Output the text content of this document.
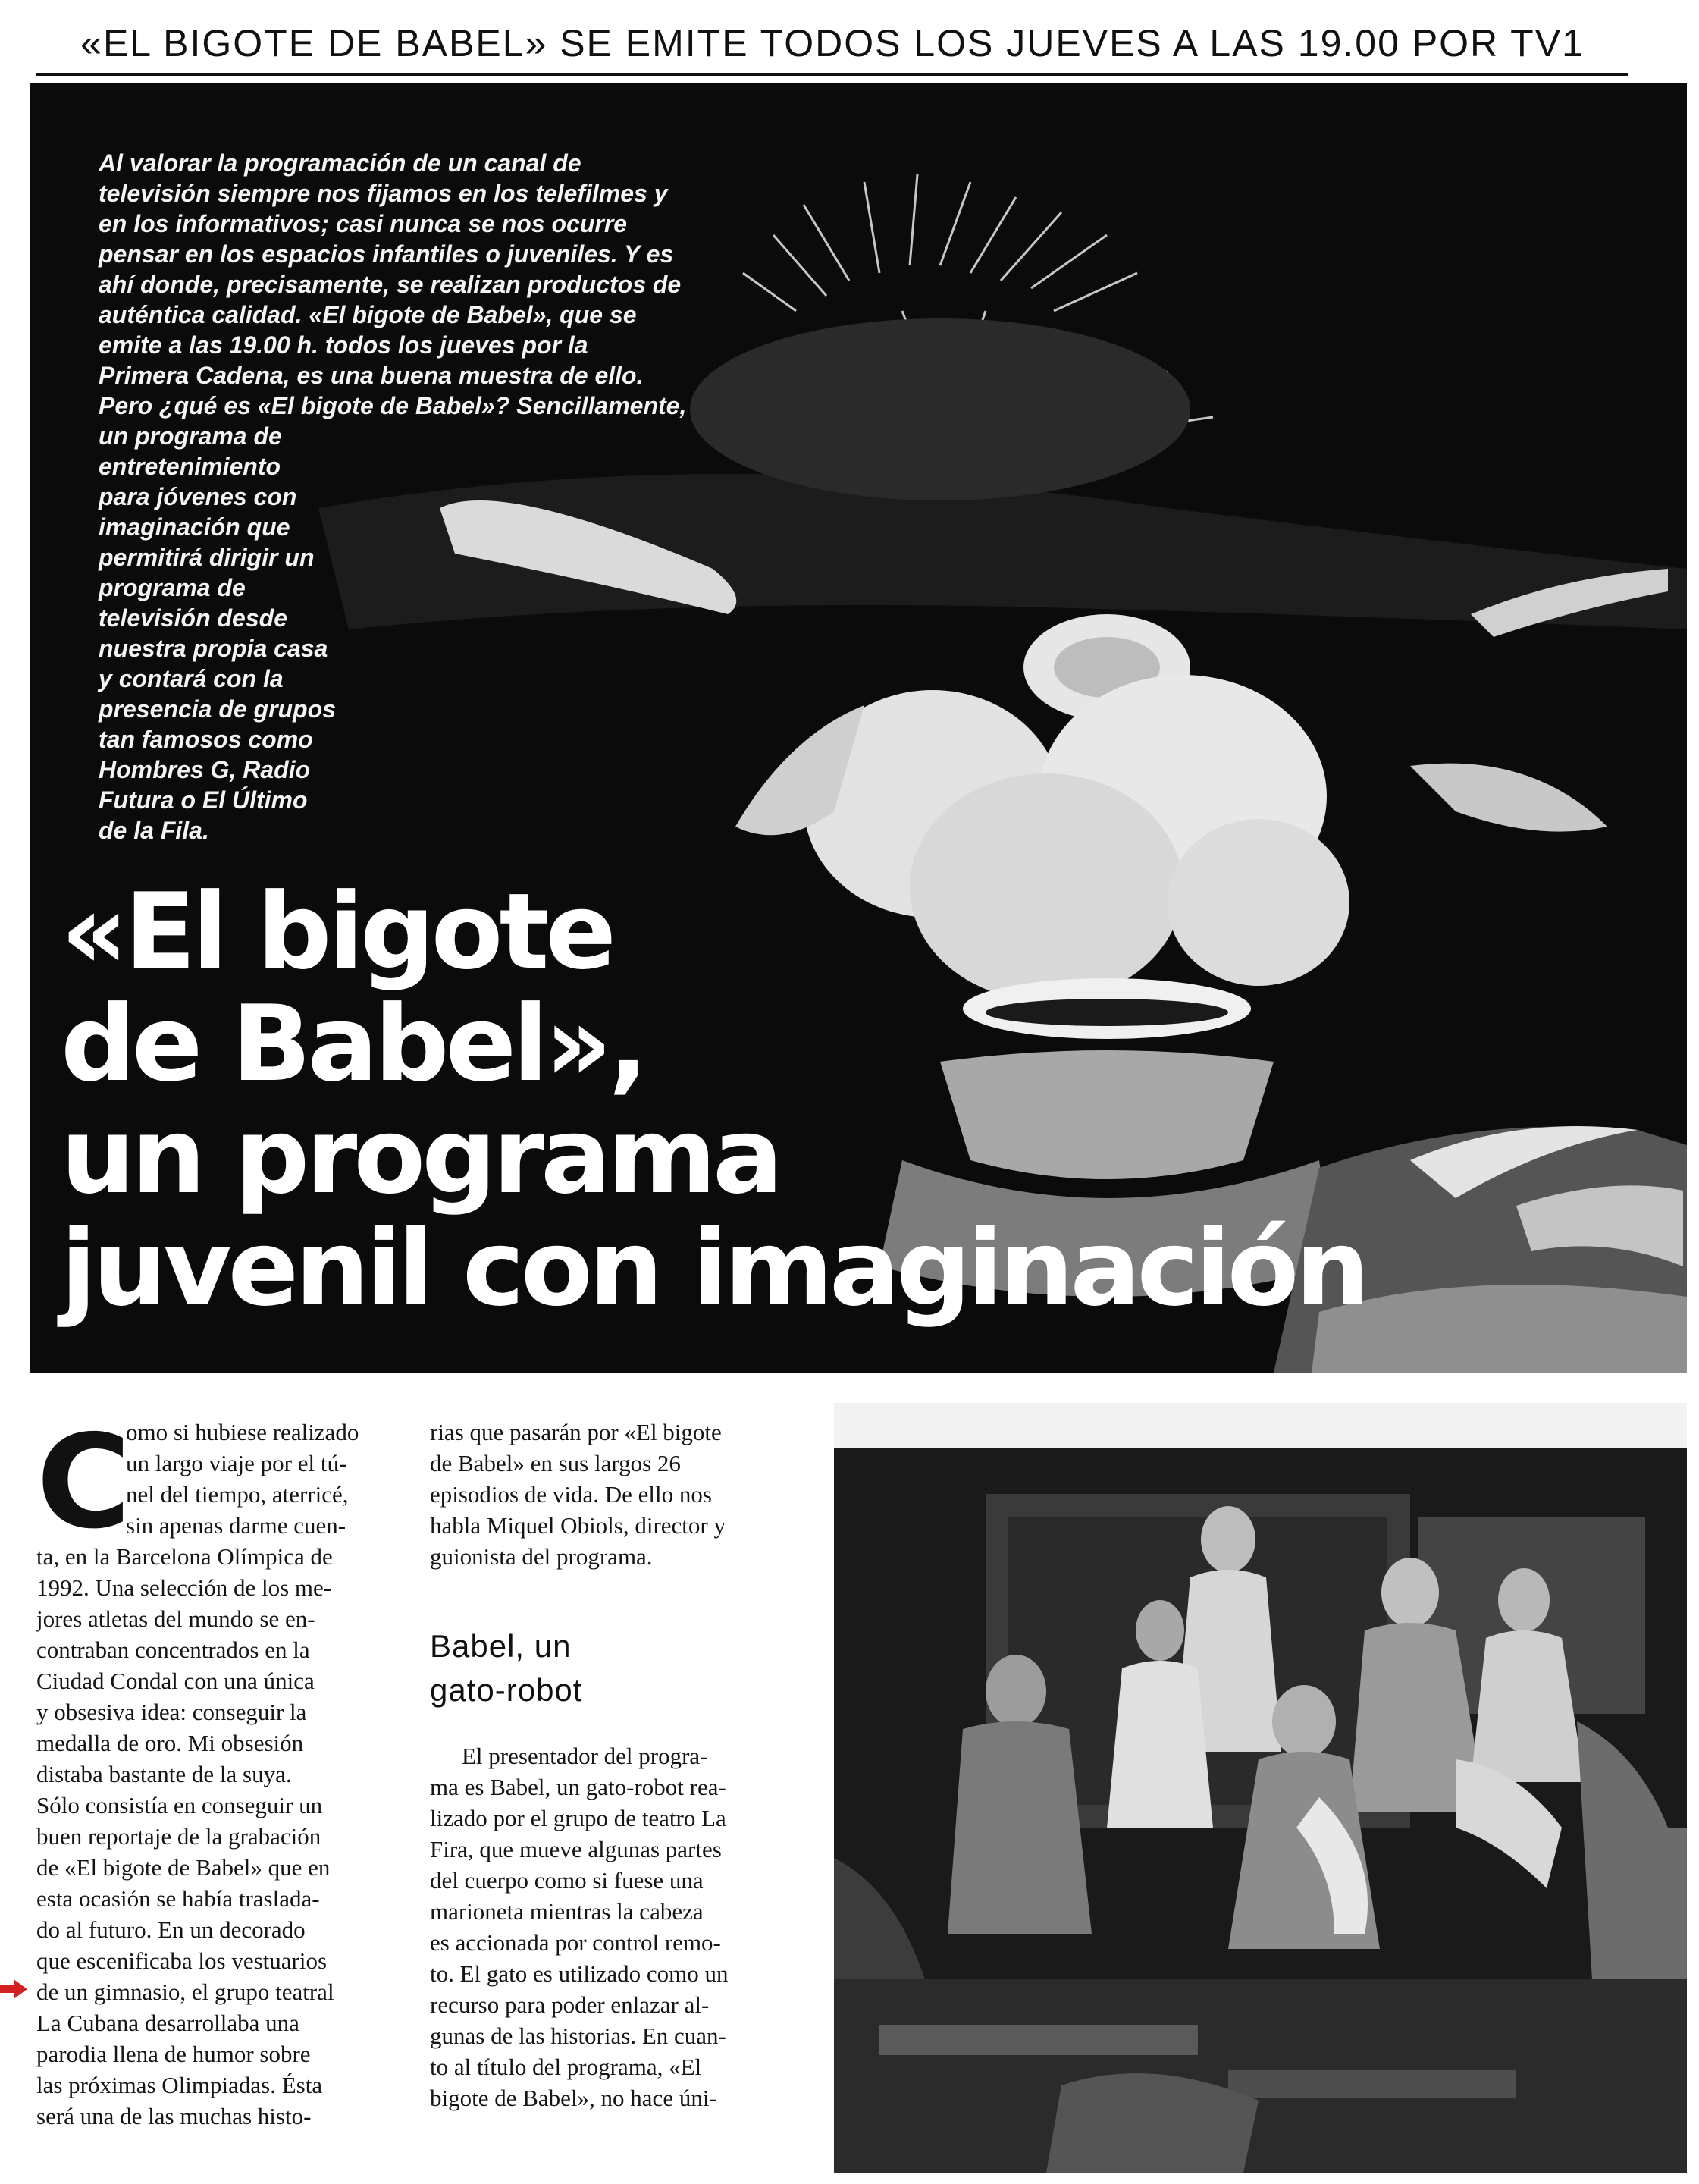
«EL BIGOTE DE BABEL» SE EMITE TODOS LOS JUEVES A LAS 19.00 POR TV1
Al valorar la programación de un canal de
televisión siempre nos fijamos en los telefilmes y
en los informativos; casi nunca se nos ocurre
pensar en los espacios infantiles o juveniles. Y es
ahí donde, precisamente, se realizan productos de
auténtica calidad. «El bigote de Babel», que se
emite a las 19.00 h. todos los jueves por la
Primera Cadena, es una buena muestra de ello.
Pero ¿qué es «El bigote de Babel»? Sencillamente,
un programa de
entretenimiento
para jóvenes con
imaginación que
permitirá dirigir un
programa de
televisión desde
nuestra propia casa
y contará con la
presencia de grupos
tan famosos como
Hombres G, Radio
Futura o El Último
de la Fila.
«El bigote
de Babel»,
un programa
juvenil con imaginación
C
omo si hubiese realizado
un largo viaje por el tú-
nel del tiempo, aterricé,
sin apenas darme cuen-
ta, en la Barcelona Olímpica de
1992. Una selección de los me-
jores atletas del mundo se en-
contraban concentrados en la
Ciudad Condal con una única
y obsesiva idea: conseguir la
medalla de oro. Mi obsesión
distaba bastante de la suya.
Sólo consistía en conseguir un
buen reportaje de la grabación
de «El bigote de Babel» que en
esta ocasión se había traslada-
do al futuro. En un decorado
que escenificaba los vestuarios
de un gimnasio, el grupo teatral
La Cubana desarrollaba una
parodia llena de humor sobre
las próximas Olimpiadas. Ésta
será una de las muchas histo-
rias que pasarán por «El bigote
de Babel» en sus largos 26
episodios de vida. De ello nos
habla Miquel Obiols, director y
guionista del programa.
Babel, un
gato-robot
El presentador del progra-
ma es Babel, un gato-robot rea-
lizado por el grupo de teatro La
Fira, que mueve algunas partes
del cuerpo como si fuese una
marioneta mientras la cabeza
es accionada por control remo-
to. El gato es utilizado como un
recurso para poder enlazar al-
gunas de las historias. En cuan-
to al título del programa, «El
bigote de Babel», no hace úni-
